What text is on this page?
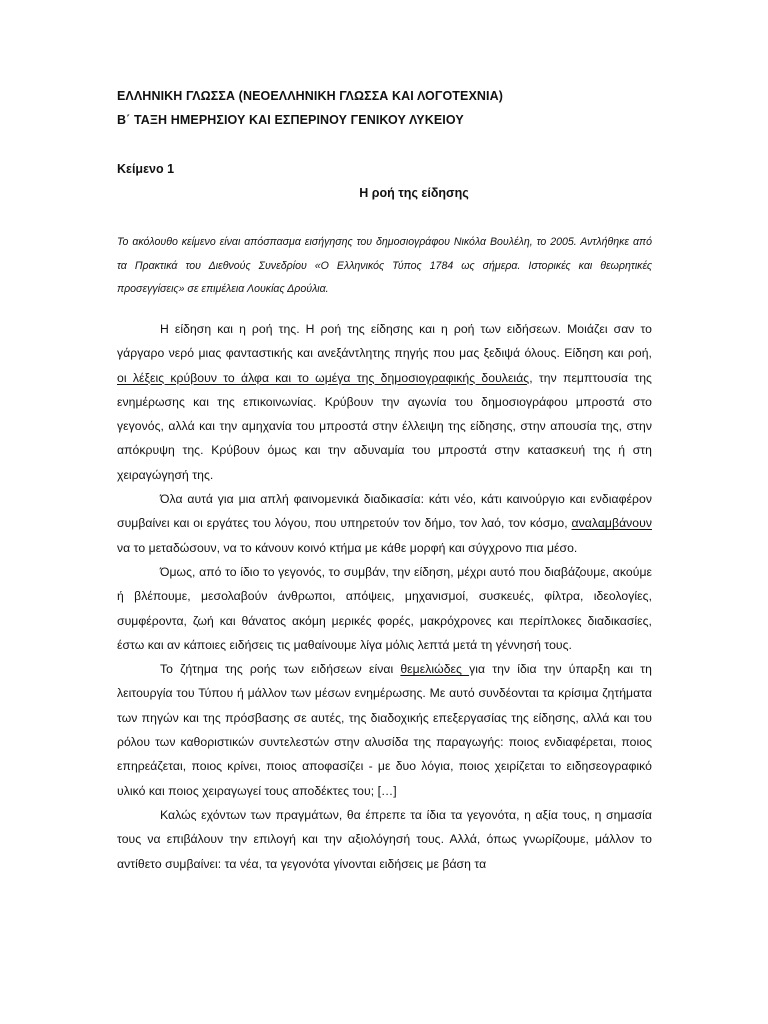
ΕΛΛΗΝΙΚΗ ΓΛΩΣΣΑ (ΝΕΟΕΛΛΗΝΙΚΗ ΓΛΩΣΣΑ ΚΑΙ ΛΟΓΟΤΕΧΝΙΑ)
Β΄ ΤΑΞΗ ΗΜΕΡΗΣΙΟΥ ΚΑΙ ΕΣΠΕΡΙΝΟΥ ΓΕΝΙΚΟΥ ΛΥΚΕΙΟΥ
Κείμενο 1
Η ροή της είδησης
Το ακόλουθο κείμενο είναι απόσπασμα εισήγησης του δημοσιογράφου Νικόλα Βουλέλη, το 2005. Αντλήθηκε από τα Πρακτικά του Διεθνούς Συνεδρίου «Ο Ελληνικός Τύπος 1784 ως σήμερα. Ιστορικές και θεωρητικές προσεγγίσεις» σε επιμέλεια Λουκίας Δρούλια.

Η είδηση και η ροή της. Η ροή της είδησης και η ροή των ειδήσεων. Μοιάζει σαν το γάργαρο νερό μιας φανταστικής και ανεξάντλητης πηγής που μας ξεδιψά όλους. Είδηση και ροή, οι λέξεις κρύβουν το άλφα και το ωμέγα της δημοσιογραφικής δουλειάς, την πεμπτουσία της ενημέρωσης και της επικοινωνίας. Κρύβουν την αγωνία του δημοσιογράφου μπροστά στο γεγονός, αλλά και την αμηχανία του μπροστά στην έλλειψη της είδησης, στην απουσία της, στην απόκρυψη της. Κρύβουν όμως και την αδυναμία του μπροστά στην κατασκευή της ή στη χειραγώγησή της.

Όλα αυτά για μια απλή φαινομενικά διαδικασία: κάτι νέο, κάτι καινούργιο και ενδιαφέρον συμβαίνει και οι εργάτες του λόγου, που υπηρετούν τον δήμο, τον λαό, τον κόσμο, αναλαμβάνουν να το μεταδώσουν, να το κάνουν κοινό κτήμα με κάθε μορφή και σύγχρονο πια μέσο.

Όμως, από το ίδιο το γεγονός, το συμβάν, την είδηση, μέχρι αυτό που διαβάζουμε, ακούμε ή βλέπουμε, μεσολαβούν άνθρωποι, απόψεις, μηχανισμοί, συσκευές, φίλτρα, ιδεολογίες, συμφέροντα, ζωή και θάνατος ακόμη μερικές φορές, μακρόχρονες και περίπλοκες διαδικασίες, έστω και αν κάποιες ειδήσεις τις μαθαίνουμε λίγα μόλις λεπτά μετά τη γέννησή τους.

Το ζήτημα της ροής των ειδήσεων είναι θεμελιώδες για την ίδια την ύπαρξη και τη λειτουργία του Τύπου ή μάλλον των μέσων ενημέρωσης. Με αυτό συνδέονται τα κρίσιμα ζητήματα των πηγών και της πρόσβασης σε αυτές, της διαδοχικής επεξεργασίας της είδησης, αλλά και του ρόλου των καθοριστικών συντελεστών στην αλυσίδα της παραγωγής: ποιος ενδιαφέρεται, ποιος επηρεάζεται, ποιος κρίνει, ποιος αποφασίζει - με δυο λόγια, ποιος χειρίζεται το ειδησεογραφικό υλικό και ποιος χειραγωγεί τους αποδέκτες του; […]

Καλώς εχόντων των πραγμάτων, θα έπρεπε τα ίδια τα γεγονότα, η αξία τους, η σημασία τους να επιβάλουν την επιλογή και την αξιολόγησή τους. Αλλά, όπως γνωρίζουμε, μάλλον το αντίθετο συμβαίνει: τα νέα, τα γεγονότα γίνονται ειδήσεις με βάση τα
